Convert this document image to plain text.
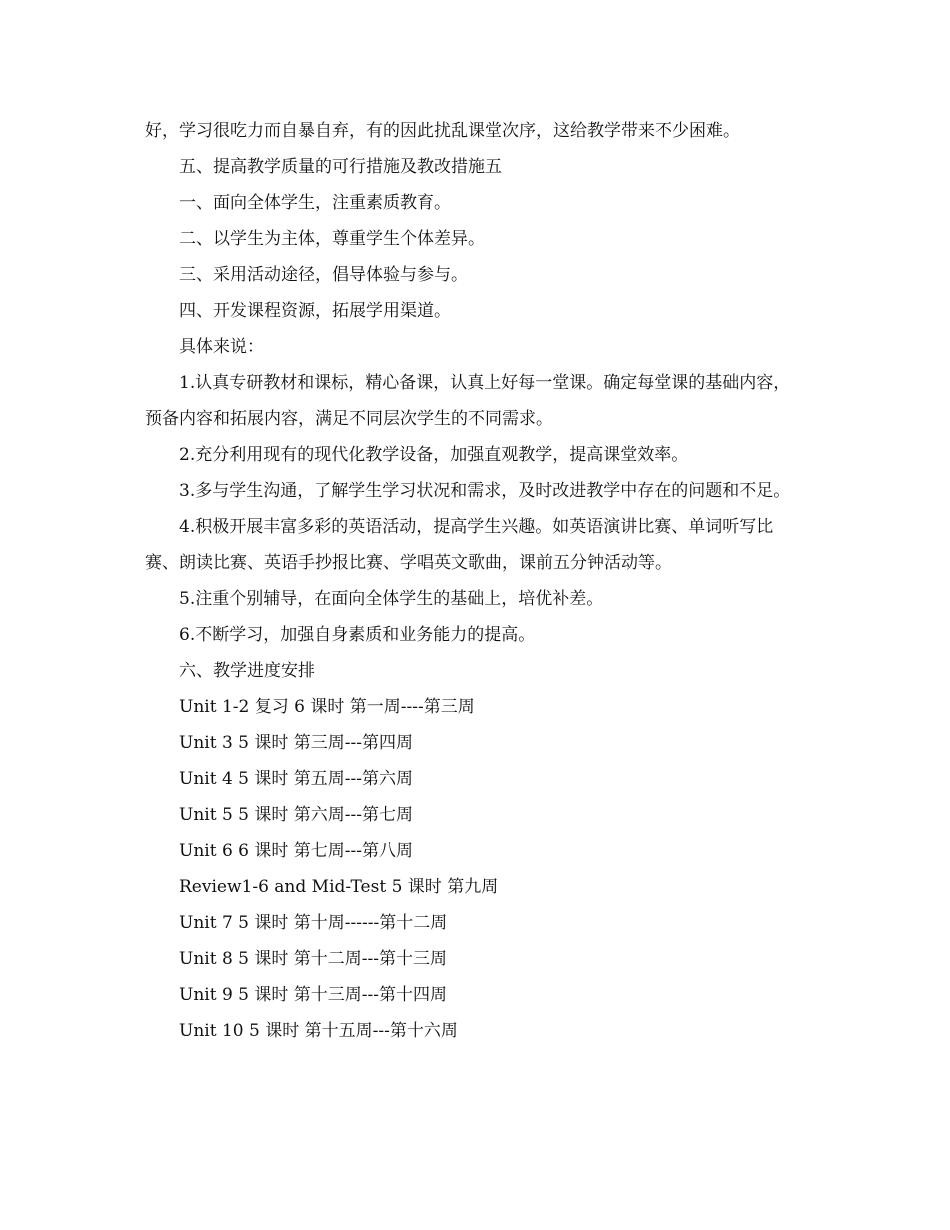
好，学习很吃力而自暴自弃，有的因此扰乱课堂次序，这给教学带来不少困难。

五、提高教学质量的可行措施及教改措施五

一、面向全体学生，注重素质教育。

二、以学生为主体，尊重学生个体差异。

三、采用活动途径，倡导体验与参与。

四、开发课程资源，拓展学用渠道。

具体来说：

1.认真专研教材和课标，精心备课，认真上好每一堂课。确定每堂课的基础内容，预备内容和拓展内容，满足不同层次学生的不同需求。

2.充分利用现有的现代化教学设备，加强直观教学，提高课堂效率。

3.多与学生沟通，了解学生学习状况和需求，及时改进教学中存在的问题和不足。

4.积极开展丰富多彩的英语活动，提高学生兴趣。如英语演讲比赛、单词听写比赛、朗读比赛、英语手抄报比赛、学唱英文歌曲，课前五分钟活动等。

5.注重个别辅导，在面向全体学生的基础上，培优补差。

6.不断学习，加强自身素质和业务能力的提高。

六、教学进度安排

Unit 1-2 复习 6 课时 第一周----第三周

Unit 3 5 课时 第三周---第四周

Unit 4 5 课时 第五周---第六周

Unit 5 5 课时 第六周---第七周

Unit 6 6 课时 第七周---第八周

Review1-6 and Mid-Test 5 课时 第九周

Unit 7 5 课时 第十周------第十二周

Unit 8 5 课时 第十二周---第十三周

Unit 9 5 课时 第十三周---第十四周

Unit 10 5 课时 第十五周---第十六周
